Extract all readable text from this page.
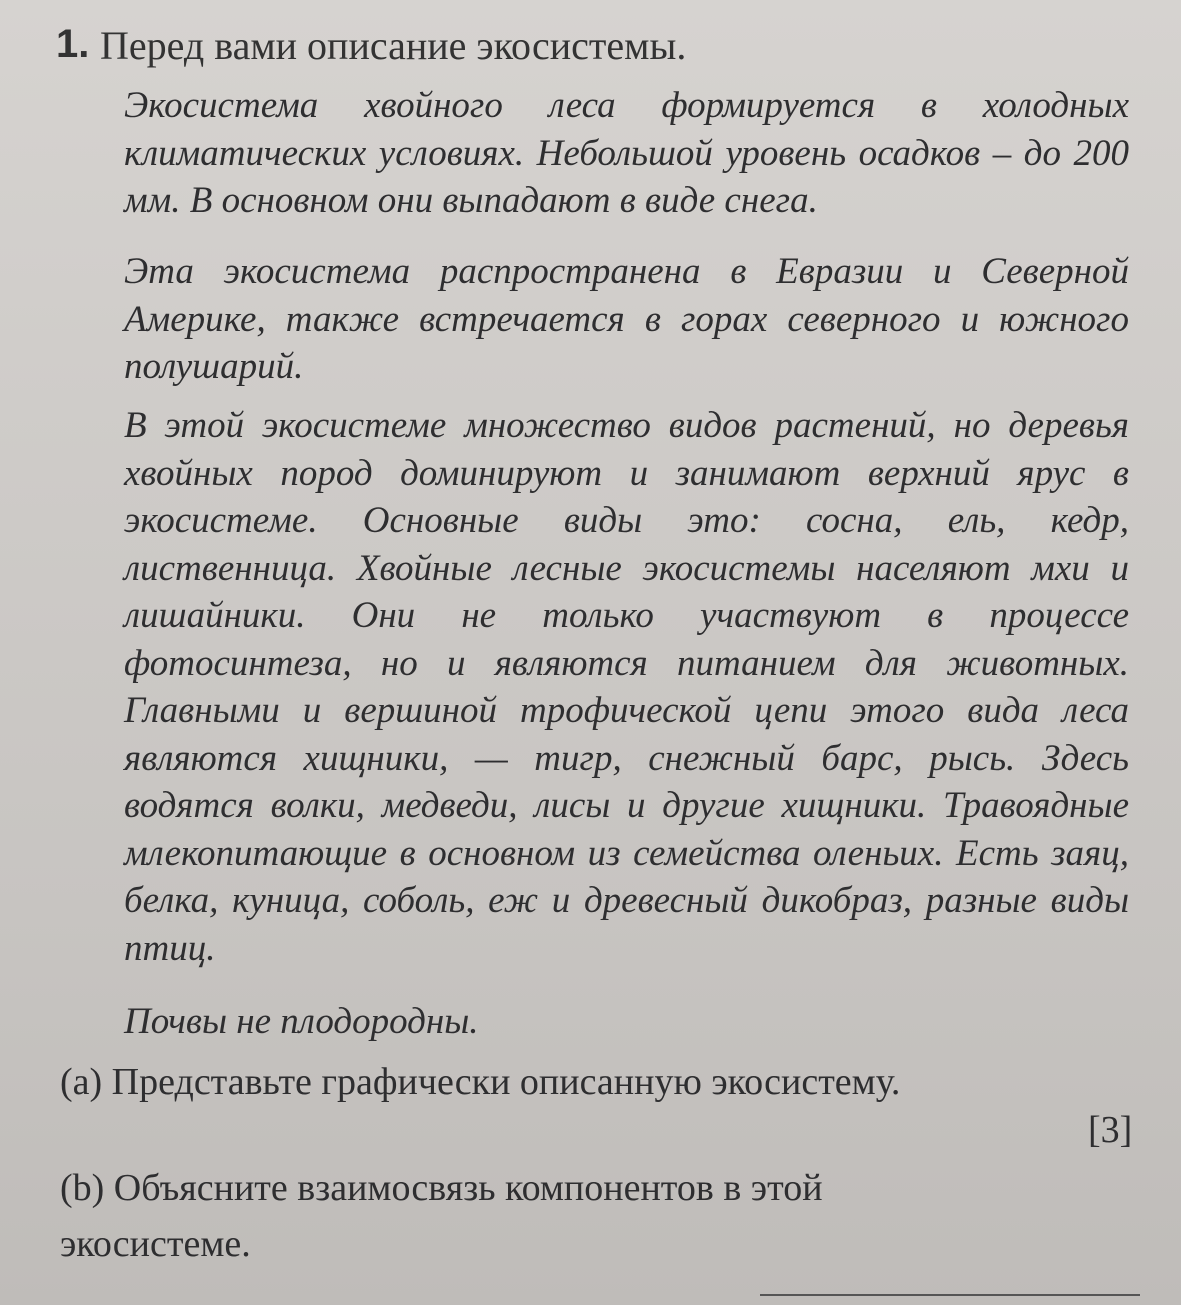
1. Перед вами описание экосистемы.

Экосистема хвойного леса формируется в холодных климатических условиях. Небольшой уровень осадков – до 200 мм. В основном они выпадают в виде снега.

Эта экосистема распространена в Евразии и Северной Америке, также встречается в горах северного и южного полушарий.

В этой экосистеме множество видов растений, но деревья хвойных пород доминируют и занимают верхний ярус в экосистеме. Основные виды это: сосна, ель, кедр, лиственница. Хвойные лесные экосистемы населяют мхи и лишайники. Они не только участвуют в процессе фотосинтеза, но и являются питанием для животных. Главными и вершиной трофической цепи этого вида леса являются хищники, — тигр, снежный барс, рысь. Здесь водятся волки, медведи, лисы и другие хищники. Травоядные млекопитающие в основном из семейства оленьих. Есть заяц, белка, куница, соболь, еж и древесный дикобраз, разные виды птиц.

Почвы не плодородны.

(a) Представьте графически описанную экосистему.

[3]

(b) Объясните взаимосвязь компонентов в этой экосистеме.
